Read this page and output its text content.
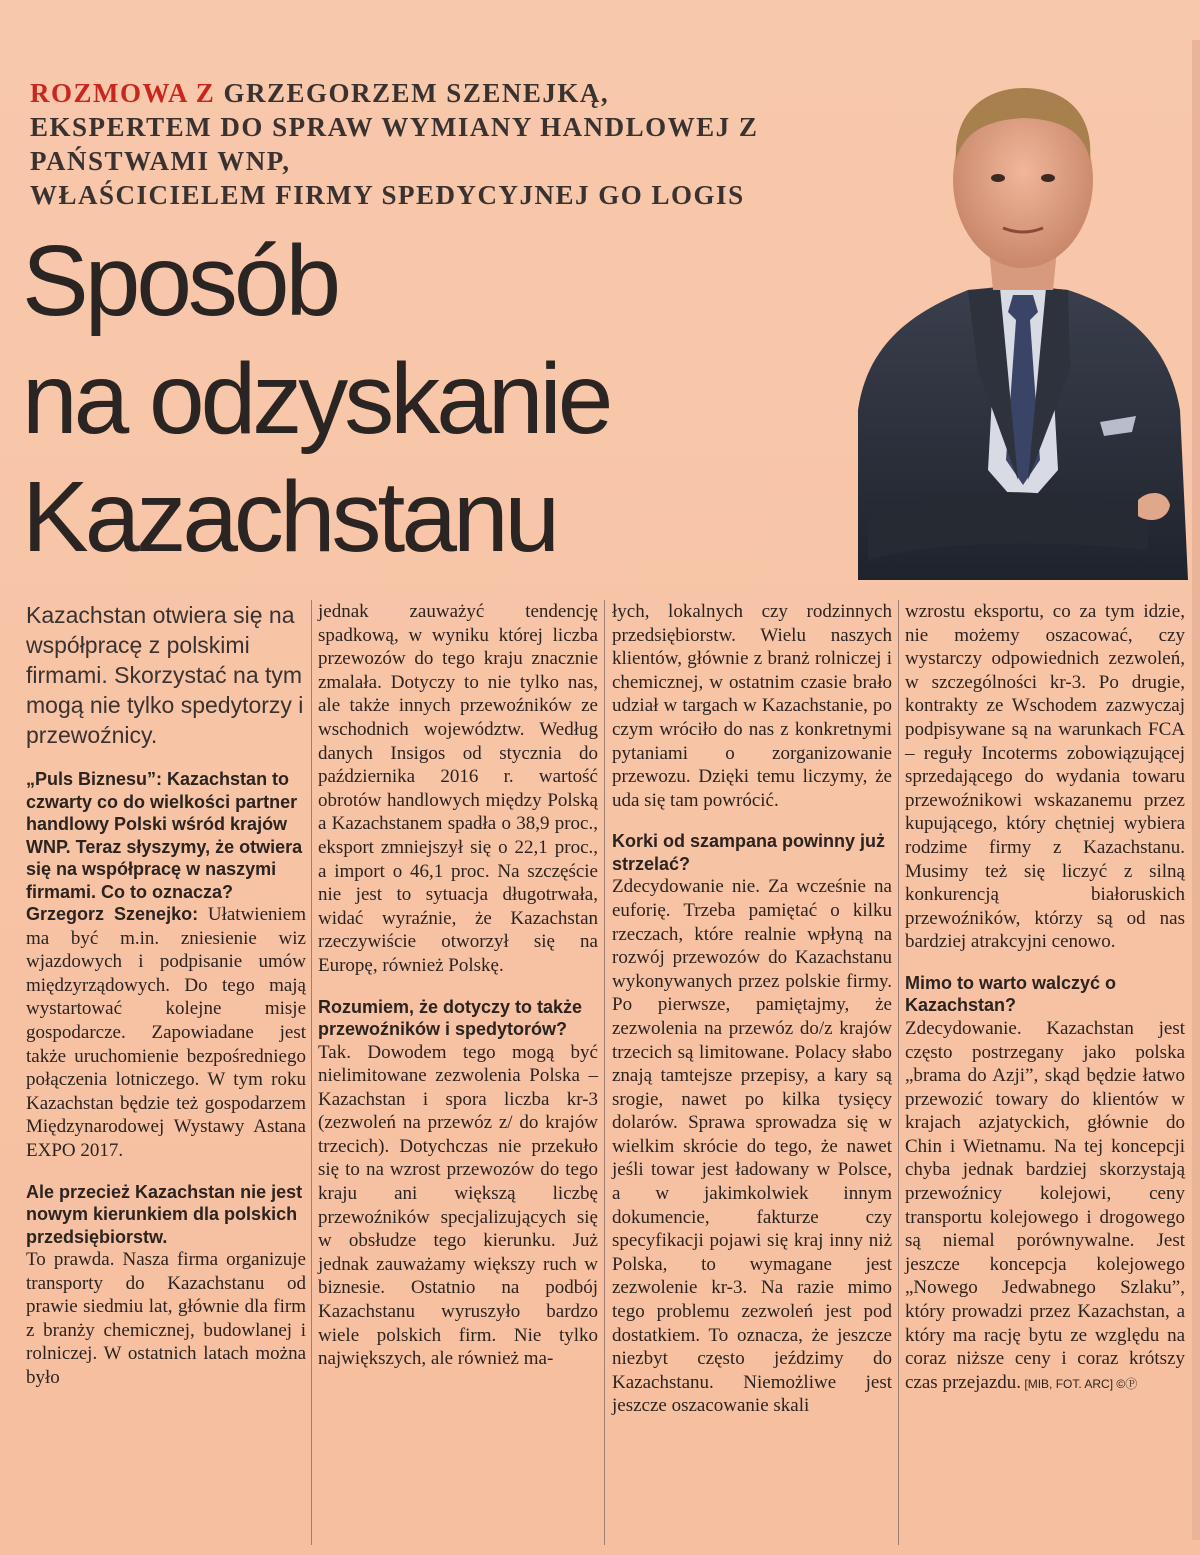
ROZMOWA Z GRZEGORZEM SZENEJKĄ,
EKSPERTEM DO SPRAW WYMIANY HANDLOWEJ Z PAŃSTWAMI WNP,
WŁAŚCICIELEM FIRMY SPEDYCYJNEJ GO LOGIS
Sposób
na odzyskanie
Kazachstanu

Kazachstan otwiera się na współpracę z polskimi firmami. Skorzystać na tym mogą nie tylko spedytorzy i przewoźnicy.

„Puls Biznesu”: Kazachstan to czwarty co do wielkości partner handlowy Polski wśród krajów WNP. Teraz słyszymy, że otwiera się na współpracę w naszymi firmami. Co to oznacza?

Grzegorz Szenejko: Ułatwieniem ma być m.in. zniesienie wiz wjazdowych i podpisanie umów międzyrządowych. Do tego mają wystartować kolejne misje gospodarcze. Zapowiadane jest także uruchomienie bezpośredniego połączenia lotniczego. W tym roku Kazachstan będzie też gospodarzem Międzynarodowej Wystawy Astana EXPO 2017.

Ale przecież Kazachstan nie jest nowym kierunkiem dla polskich przedsiębiorstw.

To prawda. Nasza firma organizuje transporty do Kazachstanu od prawie siedmiu lat, głównie dla firm z branży chemicznej, budowlanej i rolniczej. W ostatnich latach można było

jednak zauważyć tendencję spadkową, w wyniku której liczba przewozów do tego kraju znacznie zmalała. Dotyczy to nie tylko nas, ale także innych przewoźników ze wschodnich województw. Według danych Insigos od stycznia do października 2016 r. wartość obrotów handlowych między Polską a Kazachstanem spadła o 38,9 proc., eksport zmniejszył się o 22,1 proc., a import o 46,1 proc. Na szczęście nie jest to sytuacja długotrwała, widać wyraźnie, że Kazachstan rzeczywiście otworzył się na Europę, również Polskę.

Rozumiem, że dotyczy to także przewoźników i spedytorów?

Tak. Dowodem tego mogą być nielimitowane zezwolenia Polska – Kazachstan i spora liczba kr-3 (zezwoleń na przewóz z/ do krajów trzecich). Dotychczas nie przekuło się to na wzrost przewozów do tego kraju ani większą liczbę przewoźników specjalizujących się w obsłudze tego kierunku. Już jednak zauważamy większy ruch w biznesie. Ostatnio na podbój Kazachstanu wyruszyło bardzo wiele polskich firm. Nie tylko największych, ale również ma-

łych, lokalnych czy rodzinnych przedsiębiorstw. Wielu naszych klientów, głównie z branż rolniczej i chemicznej, w ostatnim czasie brało udział w targach w Kazachstanie, po czym wróciło do nas z konkretnymi pytaniami o zorganizowanie przewozu. Dzięki temu liczymy, że uda się tam powrócić.

Korki od szampana powinny już strzelać?

Zdecydowanie nie. Za wcześnie na euforię. Trzeba pamiętać o kilku rzeczach, które realnie wpłyną na rozwój przewozów do Kazachstanu wykonywanych przez polskie firmy. Po pierwsze, pamiętajmy, że zezwolenia na przewóz do/z krajów trzecich są limitowane. Polacy słabo znają tamtejsze przepisy, a kary są srogie, nawet po kilka tysięcy dolarów. Sprawa sprowadza się w wielkim skrócie do tego, że nawet jeśli towar jest ładowany w Polsce, a w jakimkolwiek innym dokumencie, fakturze czy specyfikacji pojawi się kraj inny niż Polska, to wymagane jest zezwolenie kr-3. Na razie mimo tego problemu zezwoleń jest pod dostatkiem. To oznacza, że jeszcze niezbyt często jeździmy do Kazachstanu. Niemożliwe jest jeszcze oszacowanie skali

wzrostu eksportu, co za tym idzie, nie możemy oszacować, czy wystarczy odpowiednich zezwoleń, w szczególności kr-3. Po drugie, kontrakty ze Wschodem zazwyczaj podpisywane są na warunkach FCA – reguły Incoterms zobowiązującej sprzedającego do wydania towaru przewoźnikowi wskazanemu przez kupującego, który chętniej wybiera rodzime firmy z Kazachstanu. Musimy też się liczyć z silną konkurencją białoruskich przewoźników, którzy są od nas bardziej atrakcyjni cenowo.

Mimo to warto walczyć o Kazachstan?

Zdecydowanie. Kazachstan jest często postrzegany jako polska „brama do Azji”, skąd będzie łatwo przewozić towary do klientów w krajach azjatyckich, głównie do Chin i Wietnamu. Na tej koncepcji chyba jednak bardziej skorzystają przewoźnicy kolejowi, ceny transportu kolejowego i drogowego są niemal porównywalne. Jest jeszcze koncepcja kolejowego „Nowego Jedwabnego Szlaku”, który prowadzi przez Kazachstan, a który ma rację bytu ze względu na coraz niższe ceny i coraz krótszy czas przejazdu. [MIB, FOT. ARC] ©Ⓟ
